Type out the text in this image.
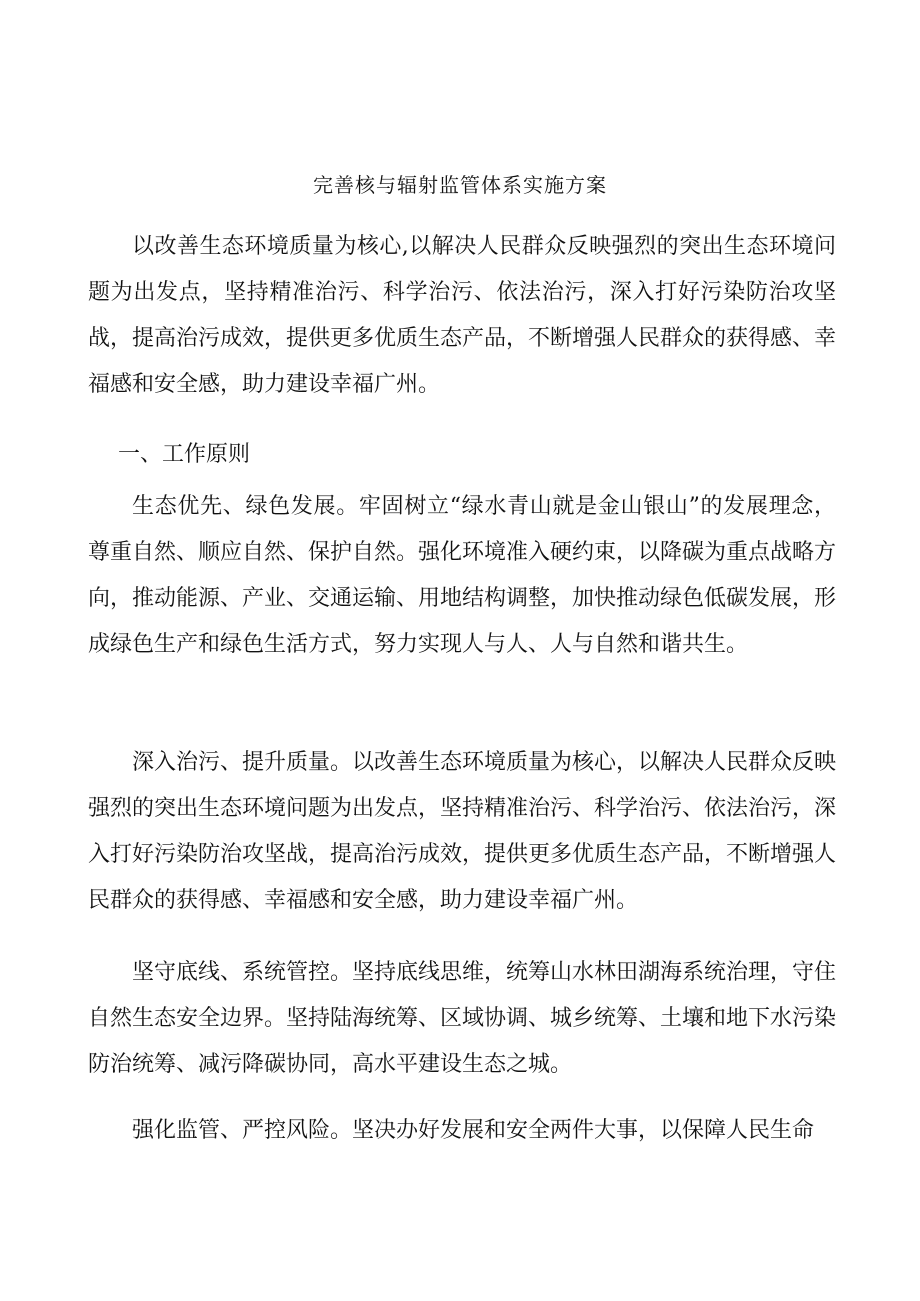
完善核与辐射监管体系实施方案

以改善生态环境质量为核心,以解决人民群众反映强烈的突出生态环境问题为出发点，坚持精准治污、科学治污、依法治污，深入打好污染防治攻坚战，提高治污成效，提供更多优质生态产品，不断增强人民群众的获得感、幸福感和安全感，助力建设幸福广州。

一、工作原则

生态优先、绿色发展。牢固树立“绿水青山就是金山银山”的发展理念，尊重自然、顺应自然、保护自然。强化环境准入硬约束，以降碳为重点战略方向，推动能源、产业、交通运输、用地结构调整，加快推动绿色低碳发展，形成绿色生产和绿色生活方式，努力实现人与人、人与自然和谐共生。

深入治污、提升质量。以改善生态环境质量为核心，以解决人民群众反映强烈的突出生态环境问题为出发点，坚持精准治污、科学治污、依法治污，深入打好污染防治攻坚战，提高治污成效，提供更多优质生态产品，不断增强人民群众的获得感、幸福感和安全感，助力建设幸福广州。

坚守底线、系统管控。坚持底线思维，统筹山水林田湖海系统治理，守住自然生态安全边界。坚持陆海统筹、区域协调、城乡统筹、土壤和地下水污染防治统筹、减污降碳协同，高水平建设生态之城。

强化监管、严控风险。坚决办好发展和安全两件大事，以保障人民生命
